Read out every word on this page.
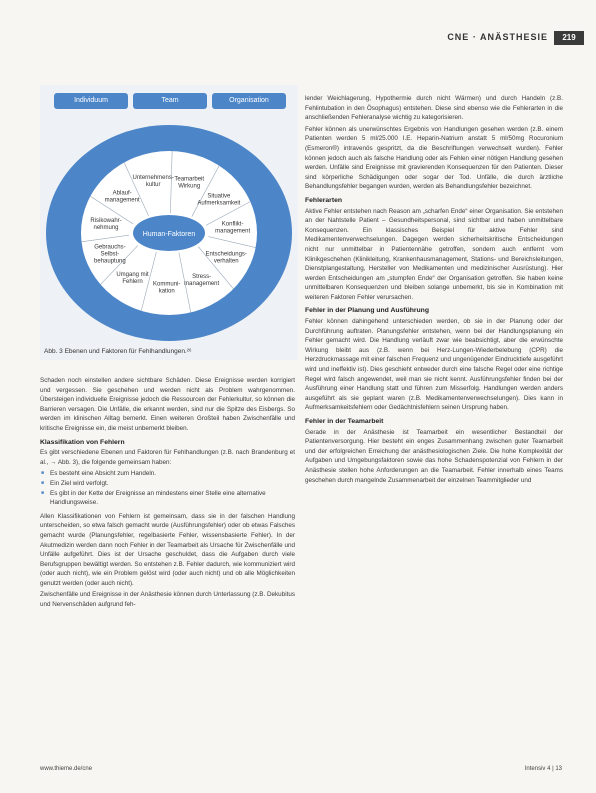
CNE · ANÄSTHESIE	219
Individuum	Team	Organisation
Human-Faktoren
Unternehmens-kultur
Teamarbeit Wirkung
Situative Aufmerksamkeit
Konflikt-management
Entscheidungs-verhalten
Stress-management
Kommuni-kation
Umgang mit Fehlern
Gebrauchs-Selbst-behauptung
Risikowahr-nehmung
Ablauf-management
Abb. 3 Ebenen und Faktoren für Fehlhandlungen.²⁶

Schaden noch einstellen andere sichtbare Schäden. Diese Ereignisse werden korrigiert und vergessen. Sie geschehen und werden nicht als Problem wahrgenommen. Übersteigen individuelle Ereignisse jedoch die Ressourcen der Fehlerkultur, so können die Barrieren versagen. Die Unfälle, die erkannt werden, sind nur die Spitze des Eisbergs. So werden im klinischen Alltag bemerkt. Einen weiteren Großteil haben Zwischenfälle und kritische Ereignisse ein, die meist unbemerkt bleiben.

Klassifikation von Fehlern

Es gibt verschiedene Ebenen und Faktoren für Fehlhandlungen (z.B. nach Brandenburg et al., → Abb. 3), die folgende gemeinsam haben:

■ Es besteht eine Absicht zum Handeln.
■ Ein Ziel wird verfolgt.
■ Es gibt in der Kette der Ereignisse an mindestens einer Stelle eine alternative Handlungsweise.

Allen Klassifikationen von Fehlern ist gemeinsam, dass sie in der falschen Handlung unterscheiden, so etwa falsch gemacht wurde (Ausführungsfehler) oder ob etwas Falsches gemacht wurde (Planungsfehler, regelbasierte Fehler, wissensbasierte Fehler). In der Akutmedizin werden dann noch Fehler in der Teamarbeit als Ursache für Zwischenfälle und Unfälle aufgeführt. Dies ist der Ursache geschuldet, dass die Aufgaben durch viele Berufsgruppen bewältigt werden. So entstehen z.B. Fehler dadurch, wie kommuniziert wird (oder auch nicht), wie ein Problem gelöst wird (oder auch nicht) und ob alle Möglichkeiten genutzt werden (oder auch nicht).

Zwischenfälle und Ereignisse in der Anästhesie können durch Unterlassung (z.B. Dekubitus und Nervenschäden aufgrund feh-

lender Weichlagerung, Hypothermie durch nicht Wärmen) und durch Handeln (z.B. Fehlintubation in den Ösophagus) entstehen. Diese sind ebenso wie die Fehlerarten in die anschließenden Fehleranalyse wichtig zu kategorisieren.

Fehler können als unerwünschtes Ergebnis von Handlungen gesehen werden (z.B. einem Patienten werden 5 ml/25.000 I.E. Heparin-Natrium anstatt 5 ml/50mg Rocuronium (Esmeron®) intravenös gespritzt, da die Beschriftungen verwechselt wurden). Fehler können jedoch auch als falsche Handlung oder als Fehlen einer nötigen Handlung gesehen werden. Unfälle sind Ereignisse mit gravierenden Konsequenzen für den Patienten. Dieser sind körperliche Schädigungen oder sogar der Tod. Unfälle, die durch ärztliche Behandlungsfehler begangen wurden, werden als Behandlungsfehler bezeichnet.

Fehlerarten

Aktive Fehler entstehen nach Reason am „scharfen Ende“ einer Organisation. Sie entstehen an der Nahtstelle Patient – Gesundheitspersonal, sind sichtbar und haben unmittelbare Konsequenzen. Ein klassisches Beispiel für aktive Fehler sind Medikamentenverwechselungen. Dagegen werden sicherheitskritische Entscheidungen nicht nur unmittelbar in Patientennähe getroffen, sondern auch entfernt vom Klinikgeschehen (Klinikleitung, Krankenhausmanagement, Stations- und Bereichsleitungen, Dienstplangestaltung, Hersteller von Medikamenten und medizinischer Ausrüstung). Hier werden Entscheidungen am „stumpfen Ende“ der Organisation getroffen. Sie haben keine unmittelbaren Konsequenzen und bleiben solange unbemerkt, bis sie in Kombination mit weiteren Faktoren Fehler verursachen.

Fehler in der Planung und Ausführung

Fehler können dahingehend unterschieden werden, ob sie in der Planung oder der Durchführung auftraten. Planungsfehler entstehen, wenn bei der Handlungsplanung ein Fehler gemacht wird. Die Handlung verläuft zwar wie beabsichtigt, aber die erwünschte Wirkung bleibt aus (z.B. wenn bei Herz-Lungen-Wiederbelebung (CPR) die Herzdruckmassage mit einer falschen Frequenz und ungenügender Eindrucktiefe ausgeführt wird und ineffektiv ist). Dies geschieht entweder durch eine falsche Regel oder eine richtige Regel wird falsch angewendet, weil man sie nicht kennt. Ausführungsfehler finden bei der Ausführung einer Handlung statt und führen zum Misserfolg. Handlungen werden anders ausgeführt als sie geplant waren (z.B. Medikamentenverwechselungen). Dies kann in Aufmerksamkeitsfehlern oder Gedächtnisfehlern seinen Ursprung haben.

Fehler in der Teamarbeit

Gerade in der Anästhesie ist Teamarbeit ein wesentlicher Bestandteil der Patientenversorgung. Hier besteht ein enges Zusammenhang zwischen guter Teamarbeit und der erfolgreichen Erreichung der anästhesiologischen Ziele. Die hohe Komplexität der Aufgaben und Umgebungsfaktoren sowie das hohe Schadenspotenzial von Fehlern in der Anästhesie stellen hohe Anforderungen an die Teamarbeit. Fehler innerhalb eines Teams geschehen durch mangelnde Zusammenarbeit der einzelnen Teammitglieder und

www.thieme.de/cne	Intensiv 4 | 13
